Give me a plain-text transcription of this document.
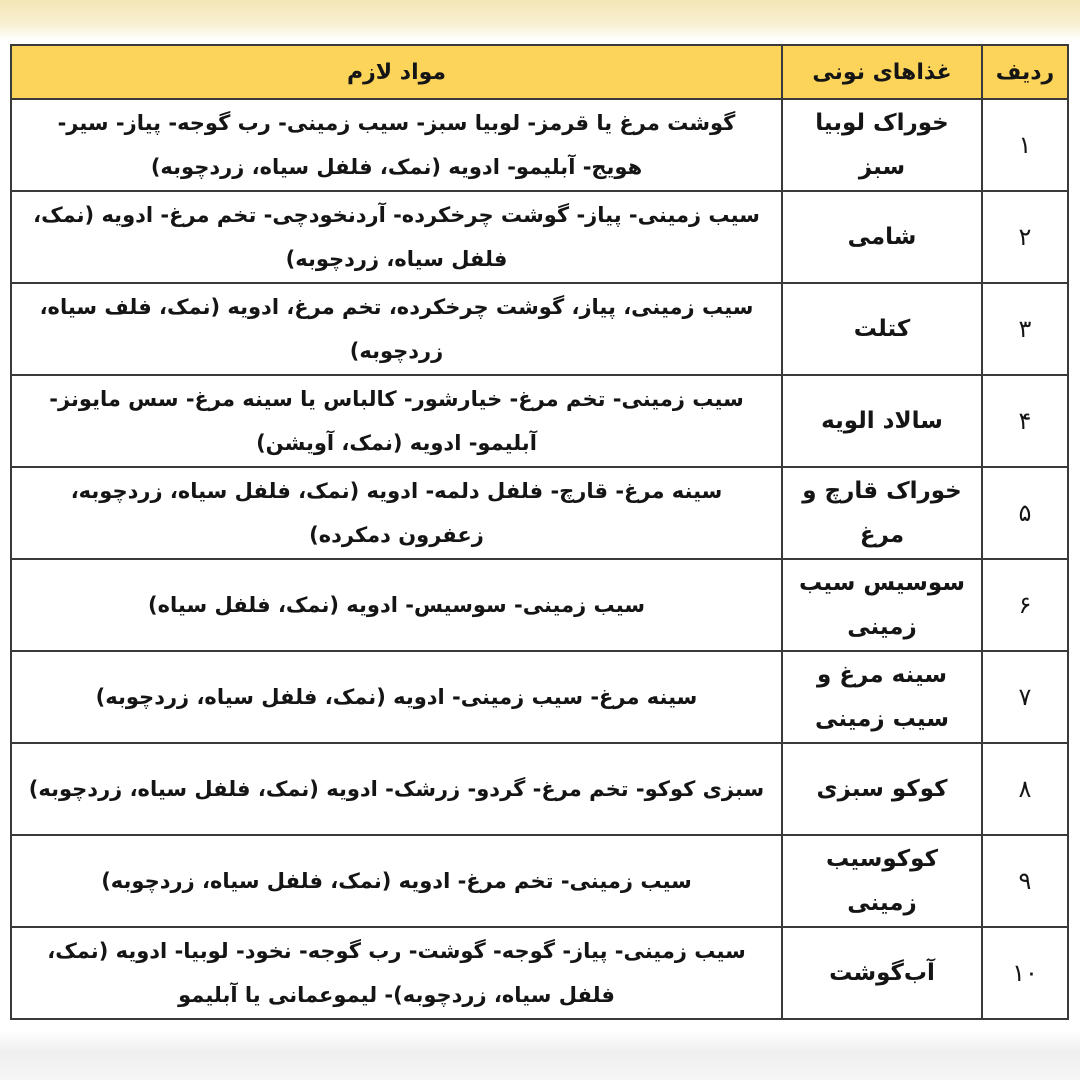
ردیف	غذاهای نونی	مواد لازم
۱	خوراک لوبیا سبز	گوشت مرغ یا قرمز- لوبیا سبز- سیب زمینی- رب گوجه- پیاز- سیر- هویج- آبلیمو- ادویه (نمک، فلفل سیاه، زردچوبه)
۲	شامی	سیب زمینی- پیاز- گوشت چرخکرده- آردنخودچی- تخم مرغ- ادویه (نمک، فلفل سیاه، زردچوبه)
۳	کتلت	سیب زمینی، پیاز، گوشت چرخکرده، تخم مرغ، ادویه (نمک، فلف سیاه، زردچوبه)
۴	سالاد الویه	سیب زمینی- تخم مرغ- خیارشور- کالباس یا سینه مرغ- سس مایونز- آبلیمو- ادویه (نمک، آویشن)
۵	خوراک قارچ و مرغ	سینه مرغ- قارچ- فلفل دلمه- ادویه (نمک، فلفل سیاه، زردچوبه، زعفرون دمکرده)
۶	سوسیس سیب زمینی	سیب زمینی- سوسیس- ادویه (نمک، فلفل سیاه)
۷	سینه مرغ و سیب زمینی	سینه مرغ- سیب زمینی- ادویه (نمک، فلفل سیاه، زردچوبه)
۸	کوکو سبزی	سبزی کوکو- تخم مرغ- گردو- زرشک- ادویه (نمک، فلفل سیاه، زردچوبه)
۹	کوکوسیب زمینی	سیب زمینی- تخم مرغ- ادویه (نمک، فلفل سیاه، زردچوبه)
۱۰	آب‌گوشت	سیب زمینی- پیاز- گوجه- گوشت- رب گوجه- نخود- لوبیا- ادویه (نمک، فلفل سیاه، زردچوبه)- لیموعمانی یا آبلیمو
